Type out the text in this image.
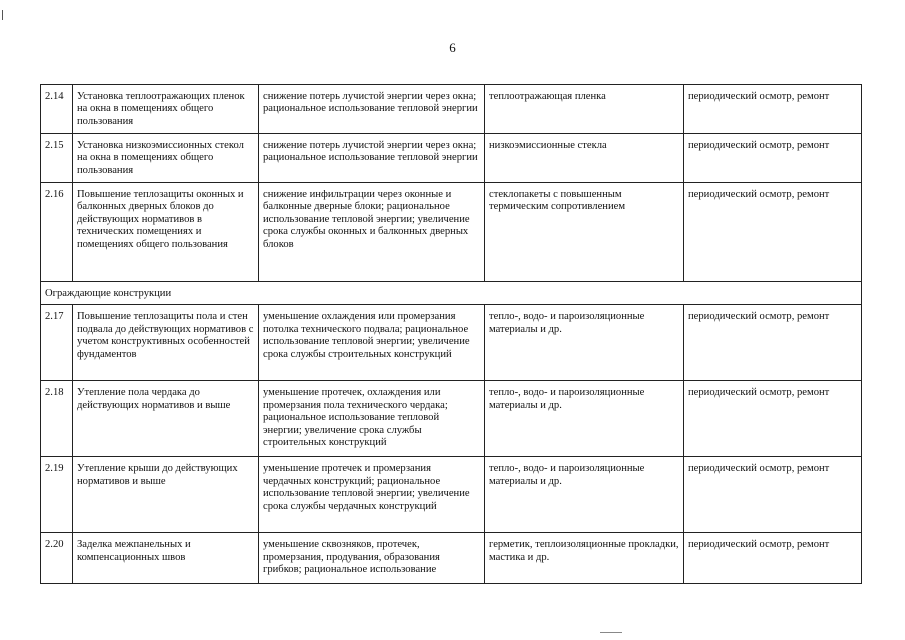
6
2.14	Установка теплоотражающих пленок на окна в помещениях общего пользования	снижение потерь лучистой энергии через окна; рациональное использование тепловой энергии	теплоотражающая пленка	периодический осмотр, ремонт
2.15	Установка низкоэмиссионных стекол на окна в помещениях общего пользования	снижение потерь лучистой энергии через окна; рациональное использование тепловой энергии	низкоэмиссионные стекла	периодический осмотр, ремонт
2.16	Повышение теплозащиты оконных и балконных дверных блоков до действующих нормативов в технических помещениях и помещениях общего пользования	снижение инфильтрации через оконные и балконные дверные блоки; рациональное использование тепловой энергии; увеличение срока службы оконных и балконных дверных блоков	стеклопакеты с повышенным термическим сопротивлением	периодический осмотр, ремонт
Ограждающие конструкции				
2.17	Повышение теплозащиты пола и стен подвала до действующих нормативов с учетом конструктивных особенностей фундаментов	уменьшение охлаждения или промерзания потолка технического подвала; рациональное использование тепловой энергии; увеличение срока службы строительных конструкций	тепло-, водо- и пароизоляционные материалы и др.	периодический осмотр, ремонт
2.18	Утепление пола чердака до действующих нормативов и выше	уменьшение протечек, охлаждения или промерзания пола технического чердака; рациональное использование тепловой энергии; увеличение срока службы строительных конструкций	тепло-, водо- и пароизоляционные материалы и др.	периодический осмотр, ремонт
2.19	Утепление крыши до действующих нормативов и выше	уменьшение протечек и промерзания чердачных конструкций; рациональное использование тепловой энергии; увеличение срока службы чердачных конструкций	тепло-, водо- и пароизоляционные материалы и др.	периодический осмотр, ремонт
2.20	Заделка межпанельных и компенсационных швов	уменьшение сквозняков, протечек, промерзания, продувания, образования грибков; рациональное использование	герметик, теплоизоляционные прокладки, мастика и др.	периодический осмотр, ремонт
